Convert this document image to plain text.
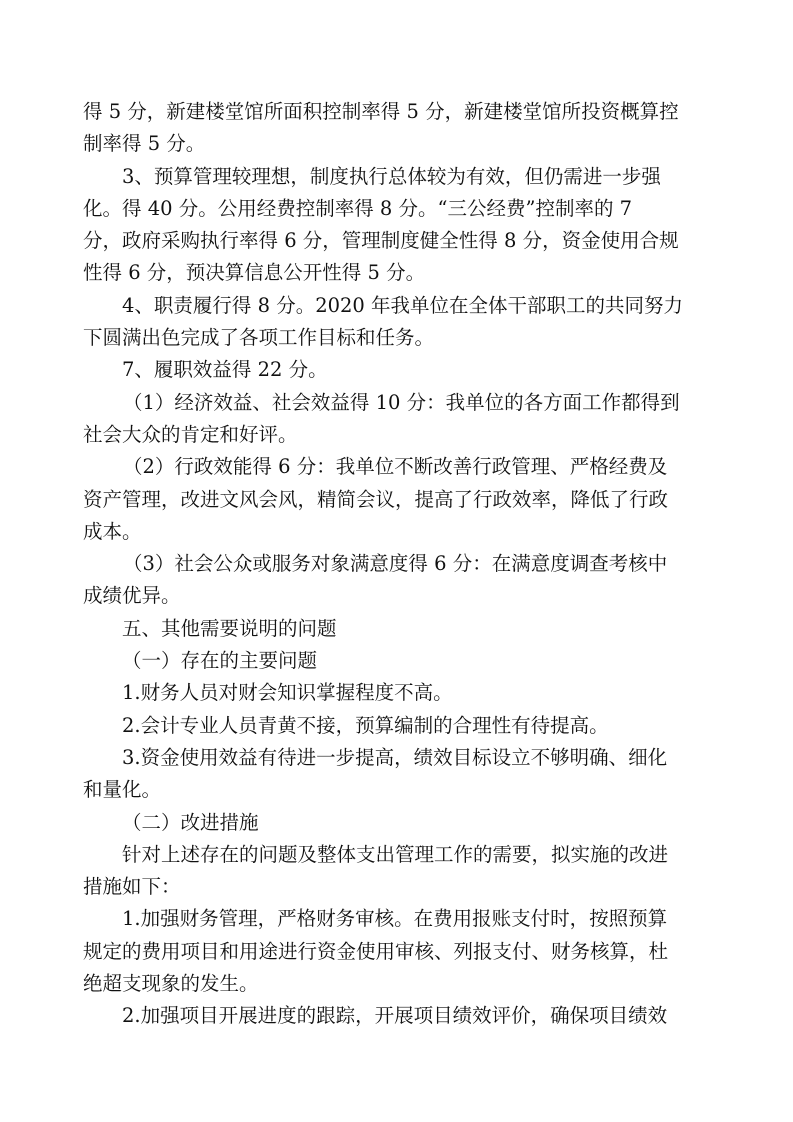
得 5 分，新建楼堂馆所面积控制率得 5 分，新建楼堂馆所投资概算控
制率得 5 分。
3、预算管理较理想，制度执行总体较为有效，但仍需进一步强
化。得 40 分。公用经费控制率得 8 分。“三公经费”控制率的 7
分，政府采购执行率得 6 分，管理制度健全性得 8 分，资金使用合规
性得 6 分，预决算信息公开性得 5 分。
4、职责履行得 8 分。2020 年我单位在全体干部职工的共同努力
下圆满出色完成了各项工作目标和任务。
7、履职效益得 22 分。
（1）经济效益、社会效益得 10 分：我单位的各方面工作都得到
社会大众的肯定和好评。
（2）行政效能得 6 分：我单位不断改善行政管理、严格经费及
资产管理，改进文风会风，精简会议，提高了行政效率，降低了行政
成本。
（3）社会公众或服务对象满意度得 6 分：在满意度调查考核中
成绩优异。
五、其他需要说明的问题
（一）存在的主要问题
1.财务人员对财会知识掌握程度不高。
2.会计专业人员青黄不接，预算编制的合理性有待提高。
3.资金使用效益有待进一步提高，绩效目标设立不够明确、细化
和量化。
（二）改进措施
针对上述存在的问题及整体支出管理工作的需要，拟实施的改进
措施如下：
1.加强财务管理，严格财务审核。在费用报账支付时，按照预算
规定的费用项目和用途进行资金使用审核、列报支付、财务核算，杜
绝超支现象的发生。
2.加强项目开展进度的跟踪，开展项目绩效评价，确保项目绩效
